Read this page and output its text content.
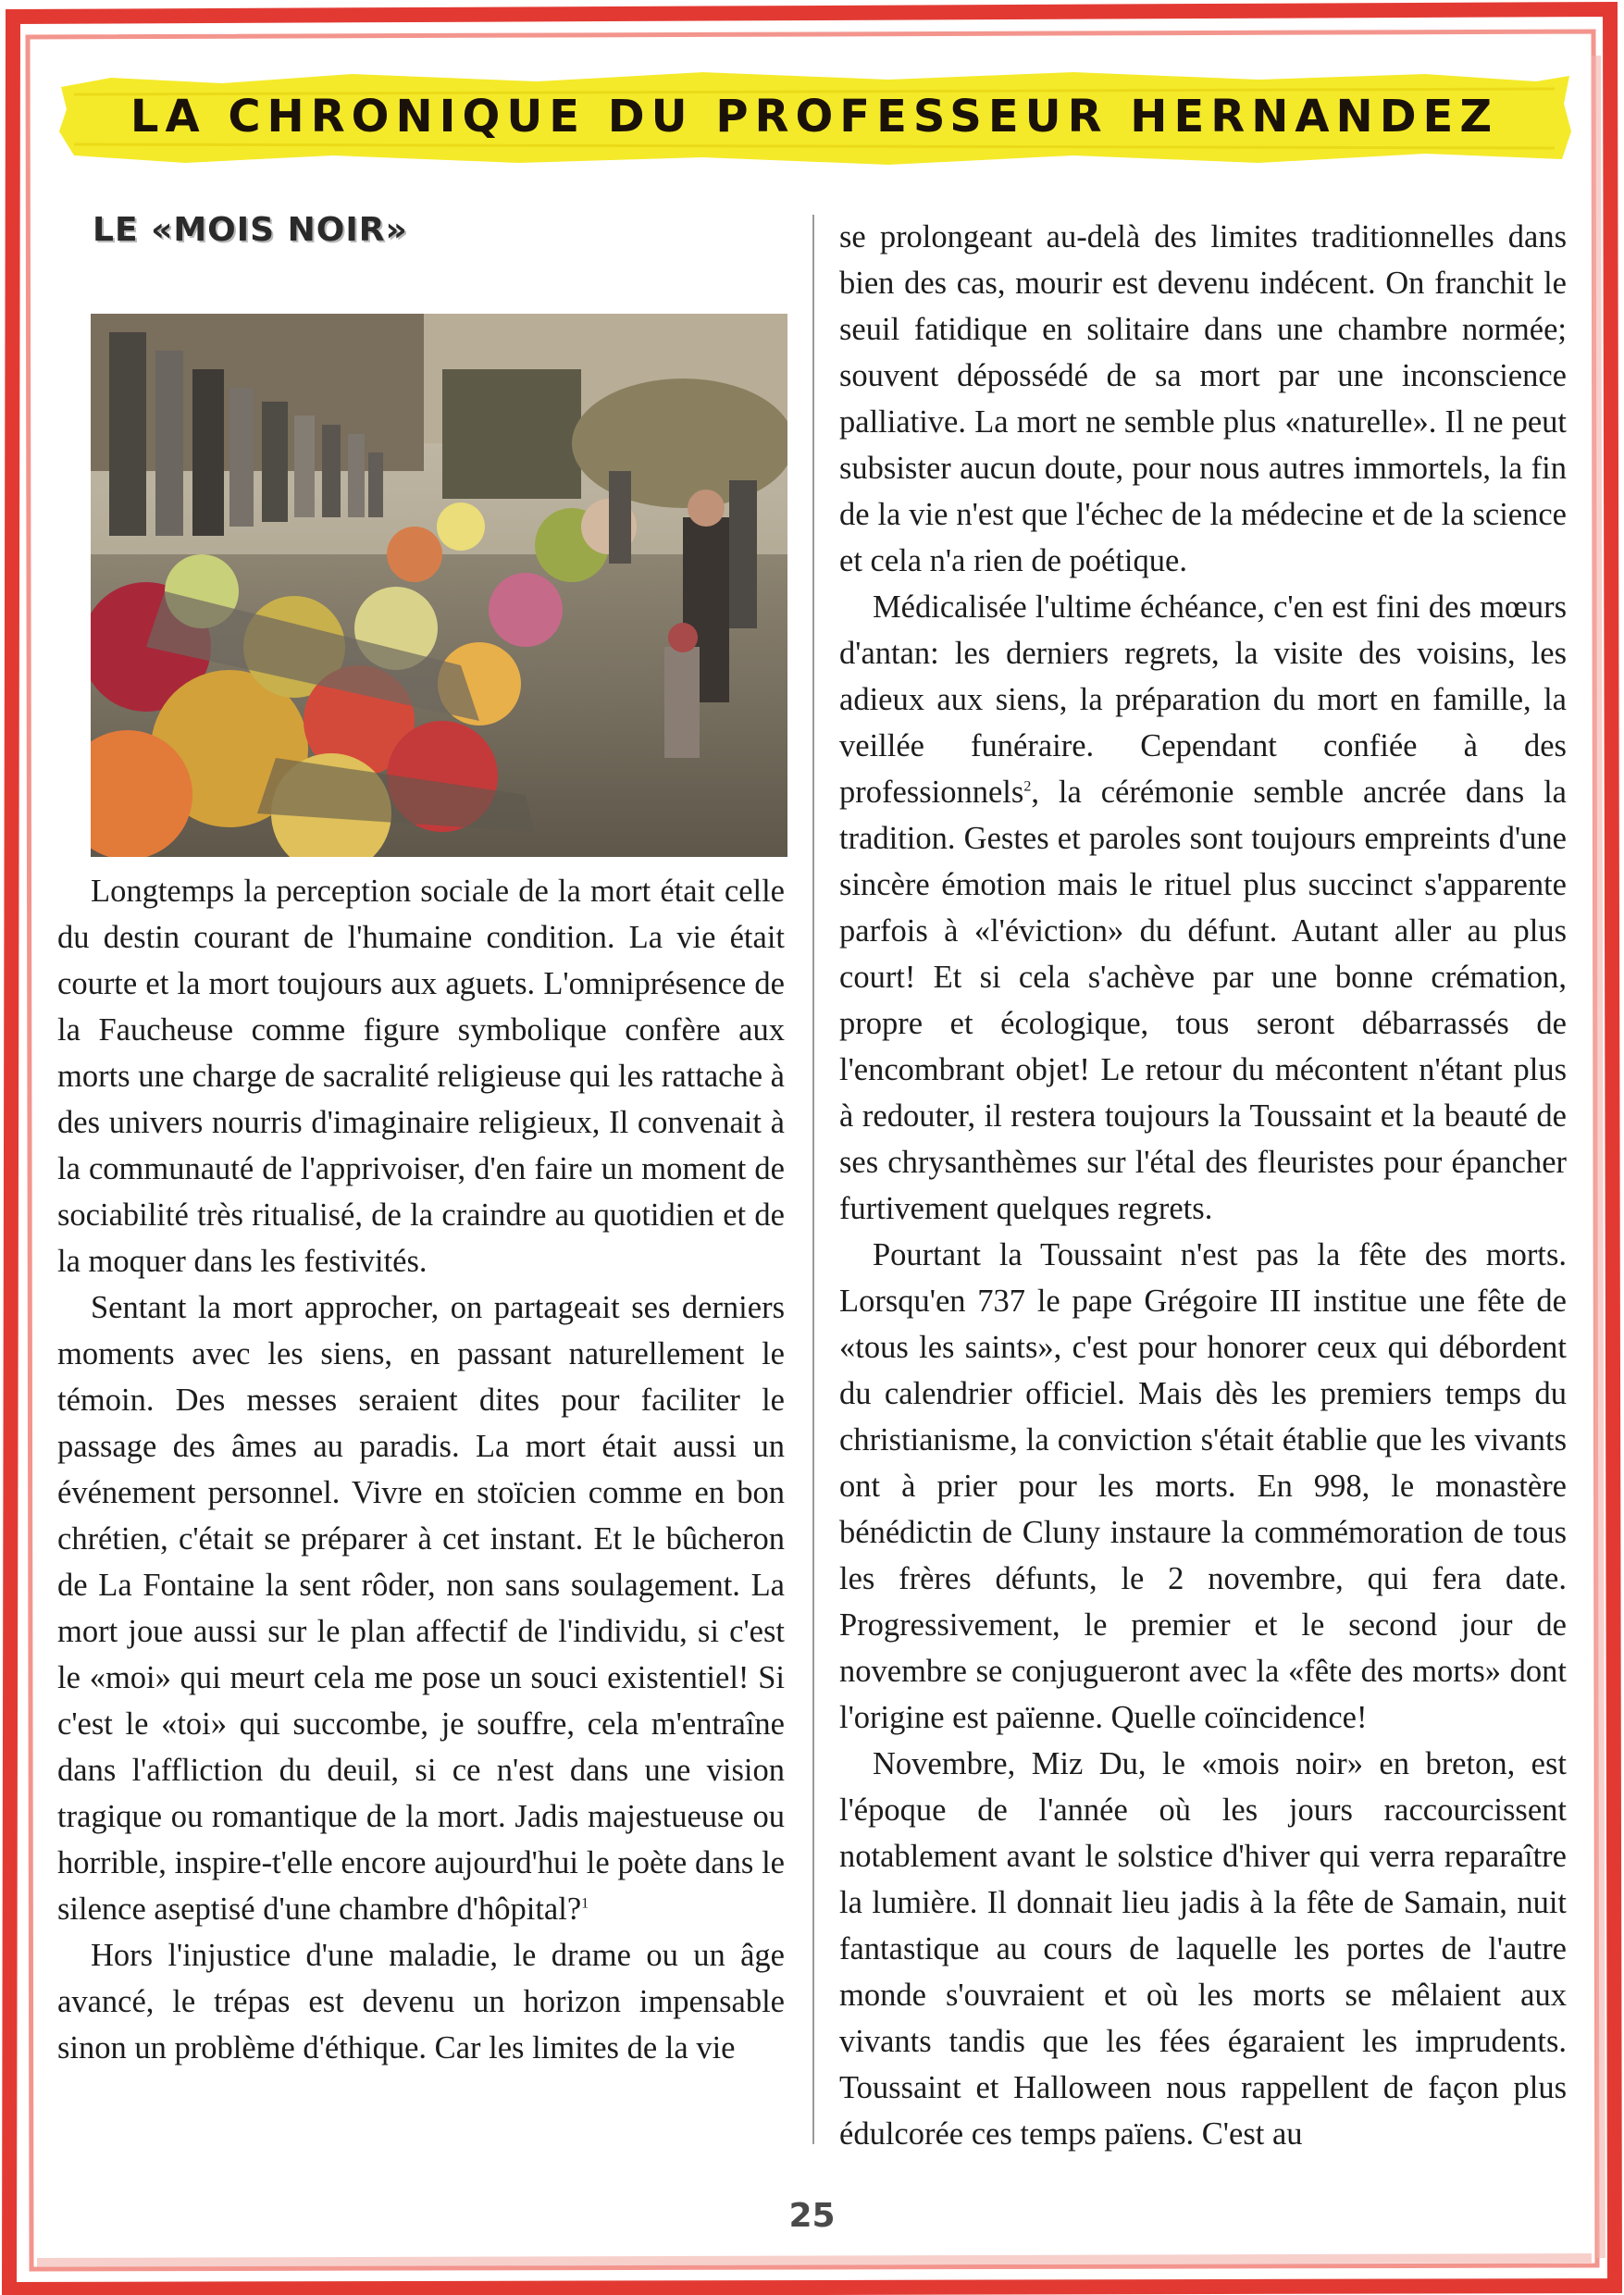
LA CHRONIQUE DU PROFESSEUR HERNANDEZ
LE «MOIS NOIR»

Longtemps la perception sociale de la mort était celle du destin courant de l'humaine condition. La vie était courte et la mort toujours aux aguets. L'omniprésence de la Faucheuse comme figure symbolique confère aux morts une charge de sacralité religieuse qui les rattache à des univers nourris d'imaginaire religieux, Il convenait à la communauté de l'apprivoiser, d'en faire un moment de sociabilité très ritualisé, de la craindre au quotidien et de la moquer dans les festivités.

Sentant la mort approcher, on partageait ses derniers moments avec les siens, en passant naturellement le témoin. Des messes seraient dites pour faciliter le passage des âmes au paradis. La mort était aussi un événement personnel. Vivre en stoïcien comme en bon chrétien, c'était se préparer à cet instant. Et le bûcheron de La Fontaine la sent rôder, non sans soulagement. La mort joue aussi sur le plan affectif de l'individu, si c'est le «moi» qui meurt cela me pose un souci existentiel! Si c'est le «toi» qui succombe, je souffre, cela m'entraîne dans l'affliction du deuil, si ce n'est dans une vision tragique ou romantique de la mort. Jadis majestueuse ou horrible, inspire-t'elle encore aujourd'hui le poète dans le silence aseptisé d'une chambre d'hôpital?$^1$

Hors l'injustice d'une maladie, le drame ou un âge avancé, le trépas est devenu un horizon impensable sinon un problème d'éthique. Car les limites de la vie

se prolongeant au-delà des limites traditionnelles dans bien des cas, mourir est devenu indécent. On franchit le seuil fatidique en solitaire dans une chambre normée; souvent dépossédé de sa mort par une inconscience palliative. La mort ne semble plus «naturelle». Il ne peut subsister aucun doute, pour nous autres immortels, la fin de la vie n'est que l'échec de la médecine et de la science et cela n'a rien de poétique.

Médicalisée l'ultime échéance, c'en est fini des mœurs d'antan: les derniers regrets, la visite des voisins, les adieux aux siens, la préparation du mort en famille, la veillée funéraire. Cependant confiée à des professionnels$^2$, la cérémonie semble ancrée dans la tradition. Gestes et paroles sont toujours empreints d'une sincère émotion mais le rituel plus succinct s'apparente parfois à «l'éviction» du défunt. Autant aller au plus court! Et si cela s'achève par une bonne crémation, propre et écologique, tous seront débarrassés de l'encombrant objet! Le retour du mécontent n'étant plus à redouter, il restera toujours la Toussaint et la beauté de ses chrysanthèmes sur l'étal des fleuristes pour épancher furtivement quelques regrets.

Pourtant la Toussaint n'est pas la fête des morts. Lorsqu'en 737 le pape Grégoire III institue une fête de «tous les saints», c'est pour honorer ceux qui débordent du calendrier officiel. Mais dès les premiers temps du christianisme, la conviction s'était établie que les vivants ont à prier pour les morts. En 998, le monastère bénédictin de Cluny instaure la commémoration de tous les frères défunts, le 2 novembre, qui fera date. Progressivement, le premier et le second jour de novembre se conjugueront avec la «fête des morts» dont l'origine est païenne. Quelle coïncidence!

Novembre, Miz Du, le «mois noir» en breton, est l'époque de l'année où les jours raccourcissent notablement avant le solstice d'hiver qui verra reparaître la lumière. Il donnait lieu jadis à la fête de Samain, nuit fantastique au cours de laquelle les portes de l'autre monde s'ouvraient et où les morts se mêlaient aux vivants tandis que les fées égaraient les imprudents. Toussaint et Halloween nous rappellent de façon plus édulcorée ces temps païens. C'est au

25
